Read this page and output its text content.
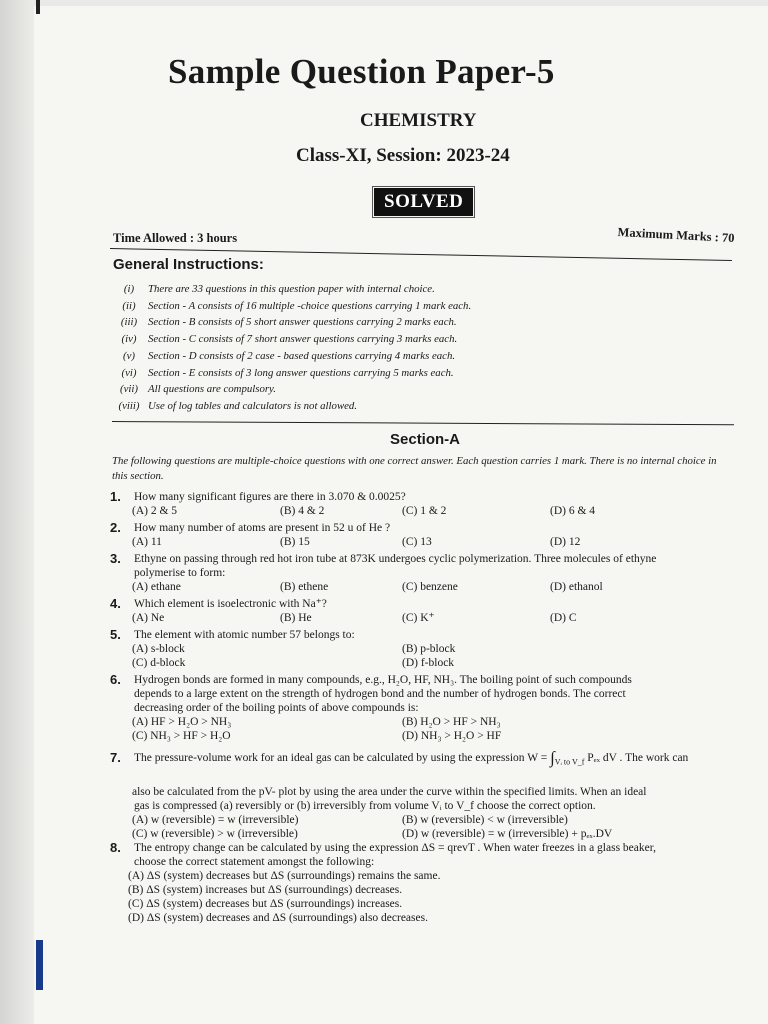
Sample Question Paper-5
CHEMISTRY
Class-XI, Session: 2023-24
SOLVED
Time Allowed : 3 hours	Maximum Marks : 70
General Instructions:
(i)	There are 33 questions in this question paper with internal choice.
(ii)	Section - A consists of 16 multiple -choice questions carrying 1 mark each.
(iii)	Section - B consists of 5 short answer questions carrying 2 marks each.
(iv)	Section - C consists of 7 short answer questions carrying 3 marks each.
(v)	Section - D consists of 2 case - based questions carrying 4 marks each.
(vi)	Section - E consists of 3 long answer questions carrying 5 marks each.
(vii) All questions are compulsory.
(viii) Use of log tables and calculators is not allowed.
Section-A
The following questions are multiple-choice questions with one correct answer. Each question carries 1 mark. There is no internal choice in this section.
1.	How many significant figures are there in 3.070 & 0.0025?
(A) 2 & 5	(B) 4 & 2	(C) 1 & 2	(D) 6 & 4
2.	How many number of atoms are present in 52 u of He ?
(A) 11	(B) 15	(C) 13	(D) 12
3.	Ethyne on passing through red hot iron tube at 873K undergoes cyclic polymerization. Three molecules of ethyne
polymerise to form:
(A) ethane	(B) ethene	(C) benzene	(D) ethanol
4.	Which element is isoelectronic with Na⁺?
(A) Ne	(B) He	(C) K⁺	(D) C
5.	The element with atomic number 57 belongs to:
(A) s-block	(B) p-block
(C) d-block	(D) f-block
6.	Hydrogen bonds are formed in many compounds, e.g., H₂O, HF, NH₃. The boiling point of such compounds
depends to a large extent on the strength of hydrogen bond and the number of hydrogen bonds. The correct
decreasing order of the boiling points of above compounds is:
(A) HF > H₂O > NH₃	(B) H₂O > HF > NH₃
(C) NH₃ > HF > H₂O	(D) NH₃ > H₂O > HF
7.	The pressure-volume work for an ideal gas can be calculated by using the expression $W = \int_{Vᵢ to V\_f}$ Pₑₓ dV . The work can
also be calculated from the pV- plot by using the area under the curve within the specified limits. When an ideal
gas is compressed (a) reversibly or (b) irreversibly from volume Vᵢ to V_f choose the correct option.
(A) w (reversible) = w (irreversible)	(B) w (reversible) < w (irreversible)
(C) w (reversible) > w (irreversible)	(D) w (reversible) = w (irreversible) + pₑₓ.DV
8.	The entropy change can be calculated by using the expression ΔS = qrevT . When water freezes in a glass beaker,
choose the correct statement amongst the following:
(A) ΔS (system) decreases but ΔS (surroundings) remains the same.
(B) ΔS (system) increases but ΔS (surroundings) decreases.
(C) ΔS (system) decreases but ΔS (surroundings) increases.
(D) ΔS (system) decreases and ΔS (surroundings) also decreases.
